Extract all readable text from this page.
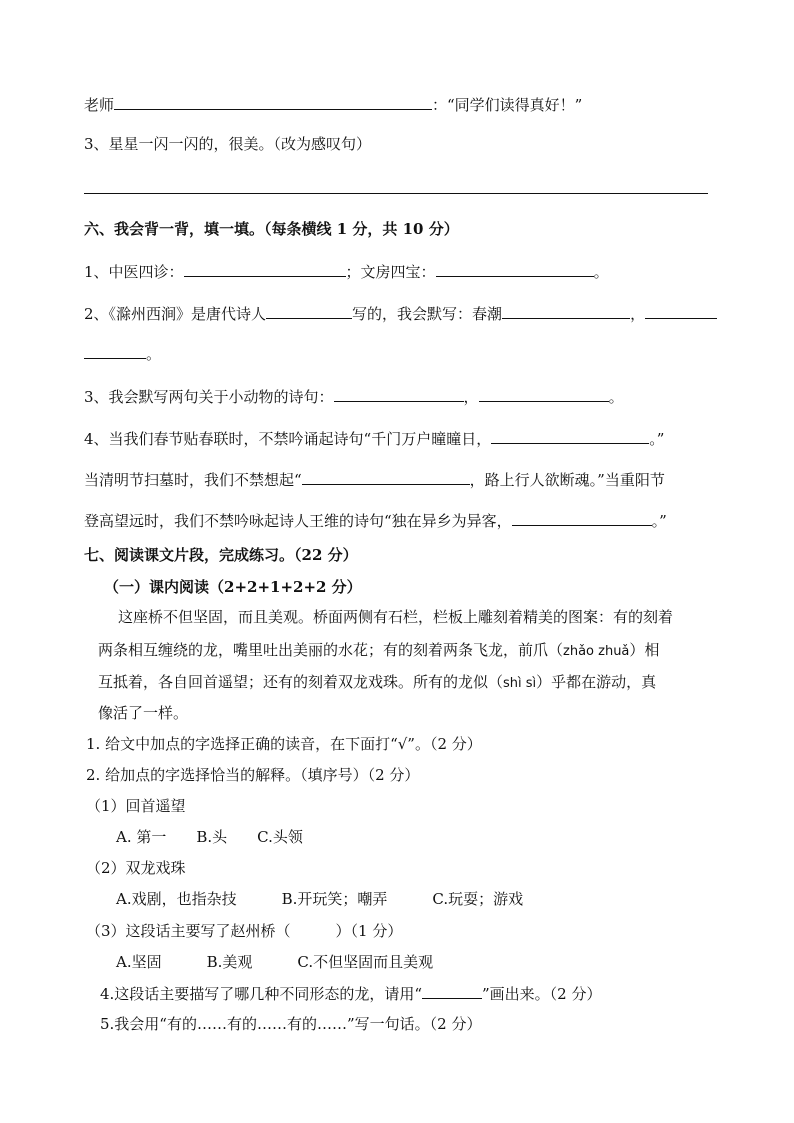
老师	：“同学们读得真好！”
3、星星一闪一闪的，很美。（改为感叹句）
六、我会背一背，填一填。（每条横线 1 分，共 10 分）
1、中医四诊：	；文房四宝：	。
2、《滁州西涧》是唐代诗人	写的，我会默写：春潮	，
。
3、我会默写两句关于小动物的诗句：	，	。
4、当我们春节贴春联时，不禁吟诵起诗句“千门万户曈曈日，	。”
当清明节扫墓时，我们不禁想起“	，路上行人欲断魂。”当重阳节
登高望远时，我们不禁吟咏起诗人王维的诗句“独在异乡为异客，	。”
七、阅读课文片段，完成练习。（22 分）
（一）课内阅读（2+2+1+2+2 分）
这座桥不但坚固，而且美观。桥面两侧有石栏，栏板上雕刻着精美的图案：有的刻着
两条相互缠绕的龙，嘴里吐出美丽的水花；有的刻着两条飞龙，前爪（zhǎo zhuǎ）相
互抵着，各自回首遥望；还有的刻着双龙戏珠。所有的龙似（shì sì）乎都在游动，真
像活了一样。
1. 给文中加点的字选择正确的读音，在下面打“√”。（2 分）
2. 给加点的字选择恰当的解释。（填序号）（2 分）
（1）回首遥望
A. 第一　　B.头　　C.头领
（2）双龙戏珠
A.戏剧，也指杂技　　　B.开玩笑；嘲弄　　　C.玩耍；游戏
（3）这段话主要写了赵州桥（　　　）（1 分）
A.坚固　　　B.美观　　　C.不但坚固而且美观
4.这段话主要描写了哪几种不同形态的龙，请用“	”画出来。（2 分）
5.我会用“有的……有的……有的……”写一句话。（2 分）
